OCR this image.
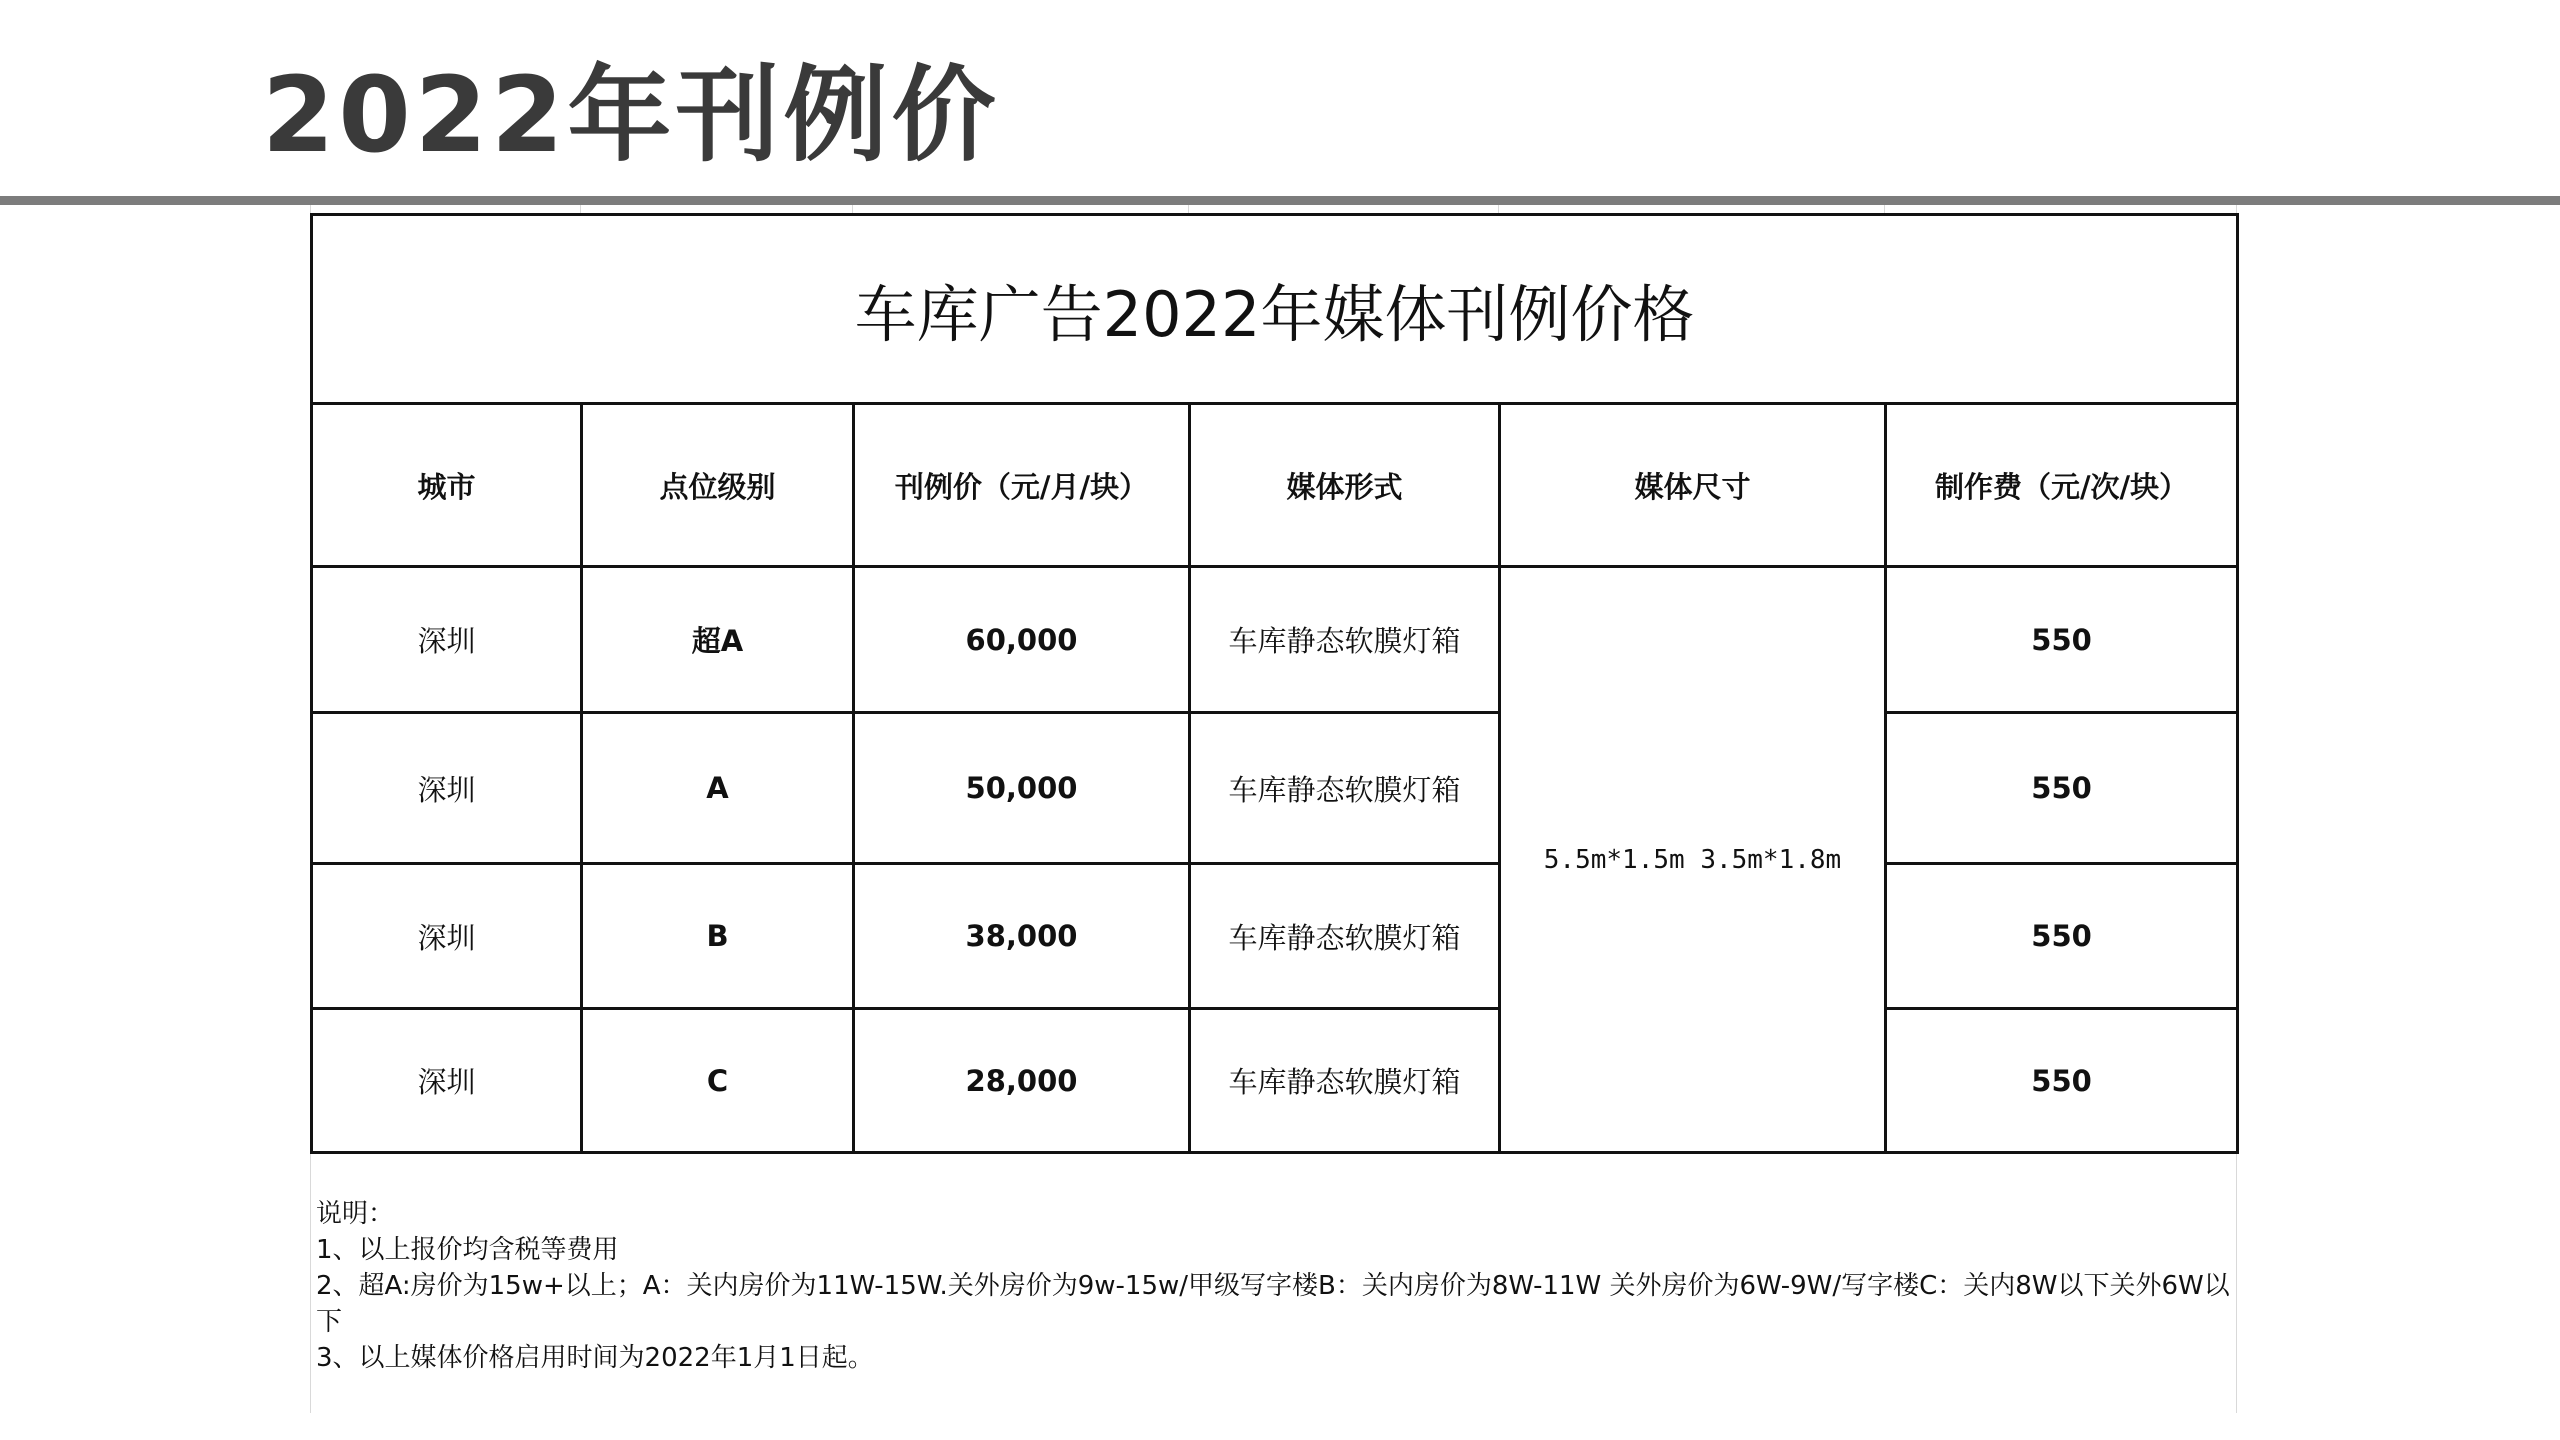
2022年刊例价
车库广告2022年媒体刊例价格					
城市	点位级别	刊例价（元/月/块）	媒体形式	媒体尺寸	制作费（元/次/块）
深圳	超A	60,000	车库静态软膜灯箱	5.5m*1.5m 3.5m*1.8m	550
深圳	A	50,000	车库静态软膜灯箱		550
深圳	B	38,000	车库静态软膜灯箱		550
深圳	C	28,000	车库静态软膜灯箱		550
说明：
1、以上报价均含税等费用
2、超A:房价为15w+以上；A：关内房价为11W-15W.关外房价为9w-15w/甲级写字楼B：关内房价为8W-11W 关外房价为6W-9W/写字楼C：关内8W以下关外6W以下
3、以上媒体价格启用时间为2022年1月1日起。
